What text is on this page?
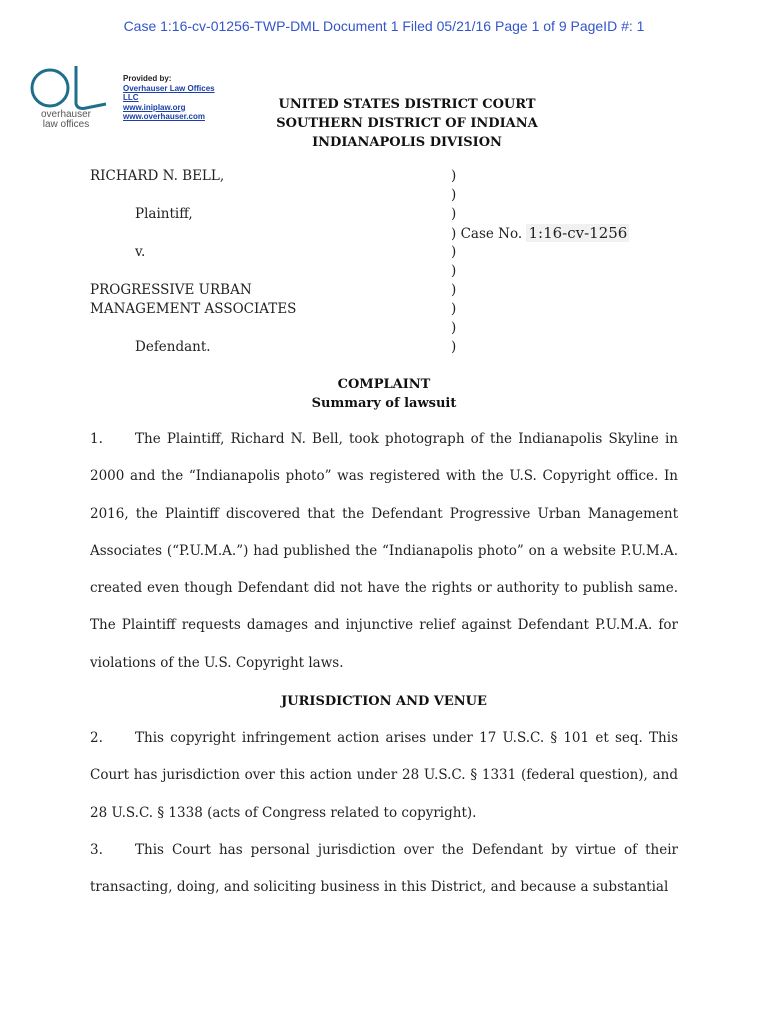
Case 1:16-cv-01256-TWP-DML Document 1 Filed 05/21/16 Page 1 of 9 PageID #: 1
overhauser
law offices
Provided by:
Overhauser Law Offices
LLC
www.iniplaw.org
www.overhauser.com
UNITED STATES DISTRICT COURT
SOUTHERN DISTRICT OF INDIANA
INDIANAPOLIS DIVISION
RICHARD N. BELL,
Plaintiff,
v.
PROGRESSIVE URBAN
MANAGEMENT ASSOCIATES
Defendant.
)
)
)
) Case No. 1:16-cv-1256
)
)
)
)
)
)
COMPLAINT
Summary of lawsuit
1. The Plaintiff, Richard N. Bell, took photograph of the Indianapolis Skyline in 2000 and the “Indianapolis photo” was registered with the U.S. Copyright office. In 2016, the Plaintiff discovered that the Defendant Progressive Urban Management Associates (“P.U.M.A.”) had published the “Indianapolis photo” on a website P.U.M.A. created even though Defendant did not have the rights or authority to publish same. The Plaintiff requests damages and injunctive relief against Defendant P.U.M.A. for violations of the U.S. Copyright laws.
JURISDICTION AND VENUE
2. This copyright infringement action arises under 17 U.S.C. § 101 et seq. This Court has jurisdiction over this action under 28 U.S.C. § 1331 (federal question), and 28 U.S.C. § 1338 (acts of Congress related to copyright).
3. This Court has personal jurisdiction over the Defendant by virtue of their transacting, doing, and soliciting business in this District, and because a substantial
